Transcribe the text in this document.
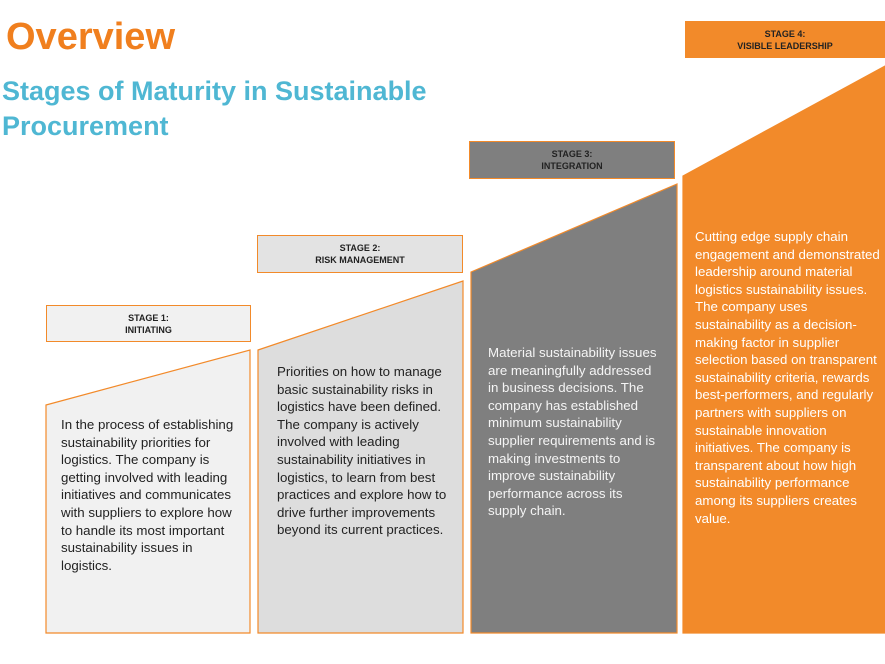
Overview
Stages of Maturity in Sustainable Procurement
STAGE 1:
INITIATING
STAGE 2:
RISK MANAGEMENT
STAGE 3:
INTEGRATION
STAGE 4:
VISIBLE LEADERSHIP
In the process of establishing sustainability priorities for logistics. The company is getting involved with leading initiatives and communicates with suppliers to explore how to handle its most important sustainability issues in logistics.
Priorities on how to manage basic sustainability risks in logistics have been defined. The company is actively involved with leading sustainability initiatives in logistics, to learn from best practices and explore how to drive further improvements beyond its current practices.
Material sustainability issues are meaningfully addressed in business decisions. The company has established minimum sustainability supplier requirements and is making investments to improve sustainability performance across its supply chain.
Cutting edge supply chain engagement and demonstrated leadership around material logistics sustainability issues. The company uses sustainability as a decision-making factor in supplier selection based on transparent sustainability criteria, rewards best-performers, and regularly partners with suppliers on sustainable innovation initiatives. The company is transparent about how high sustainability performance among its suppliers creates value.
